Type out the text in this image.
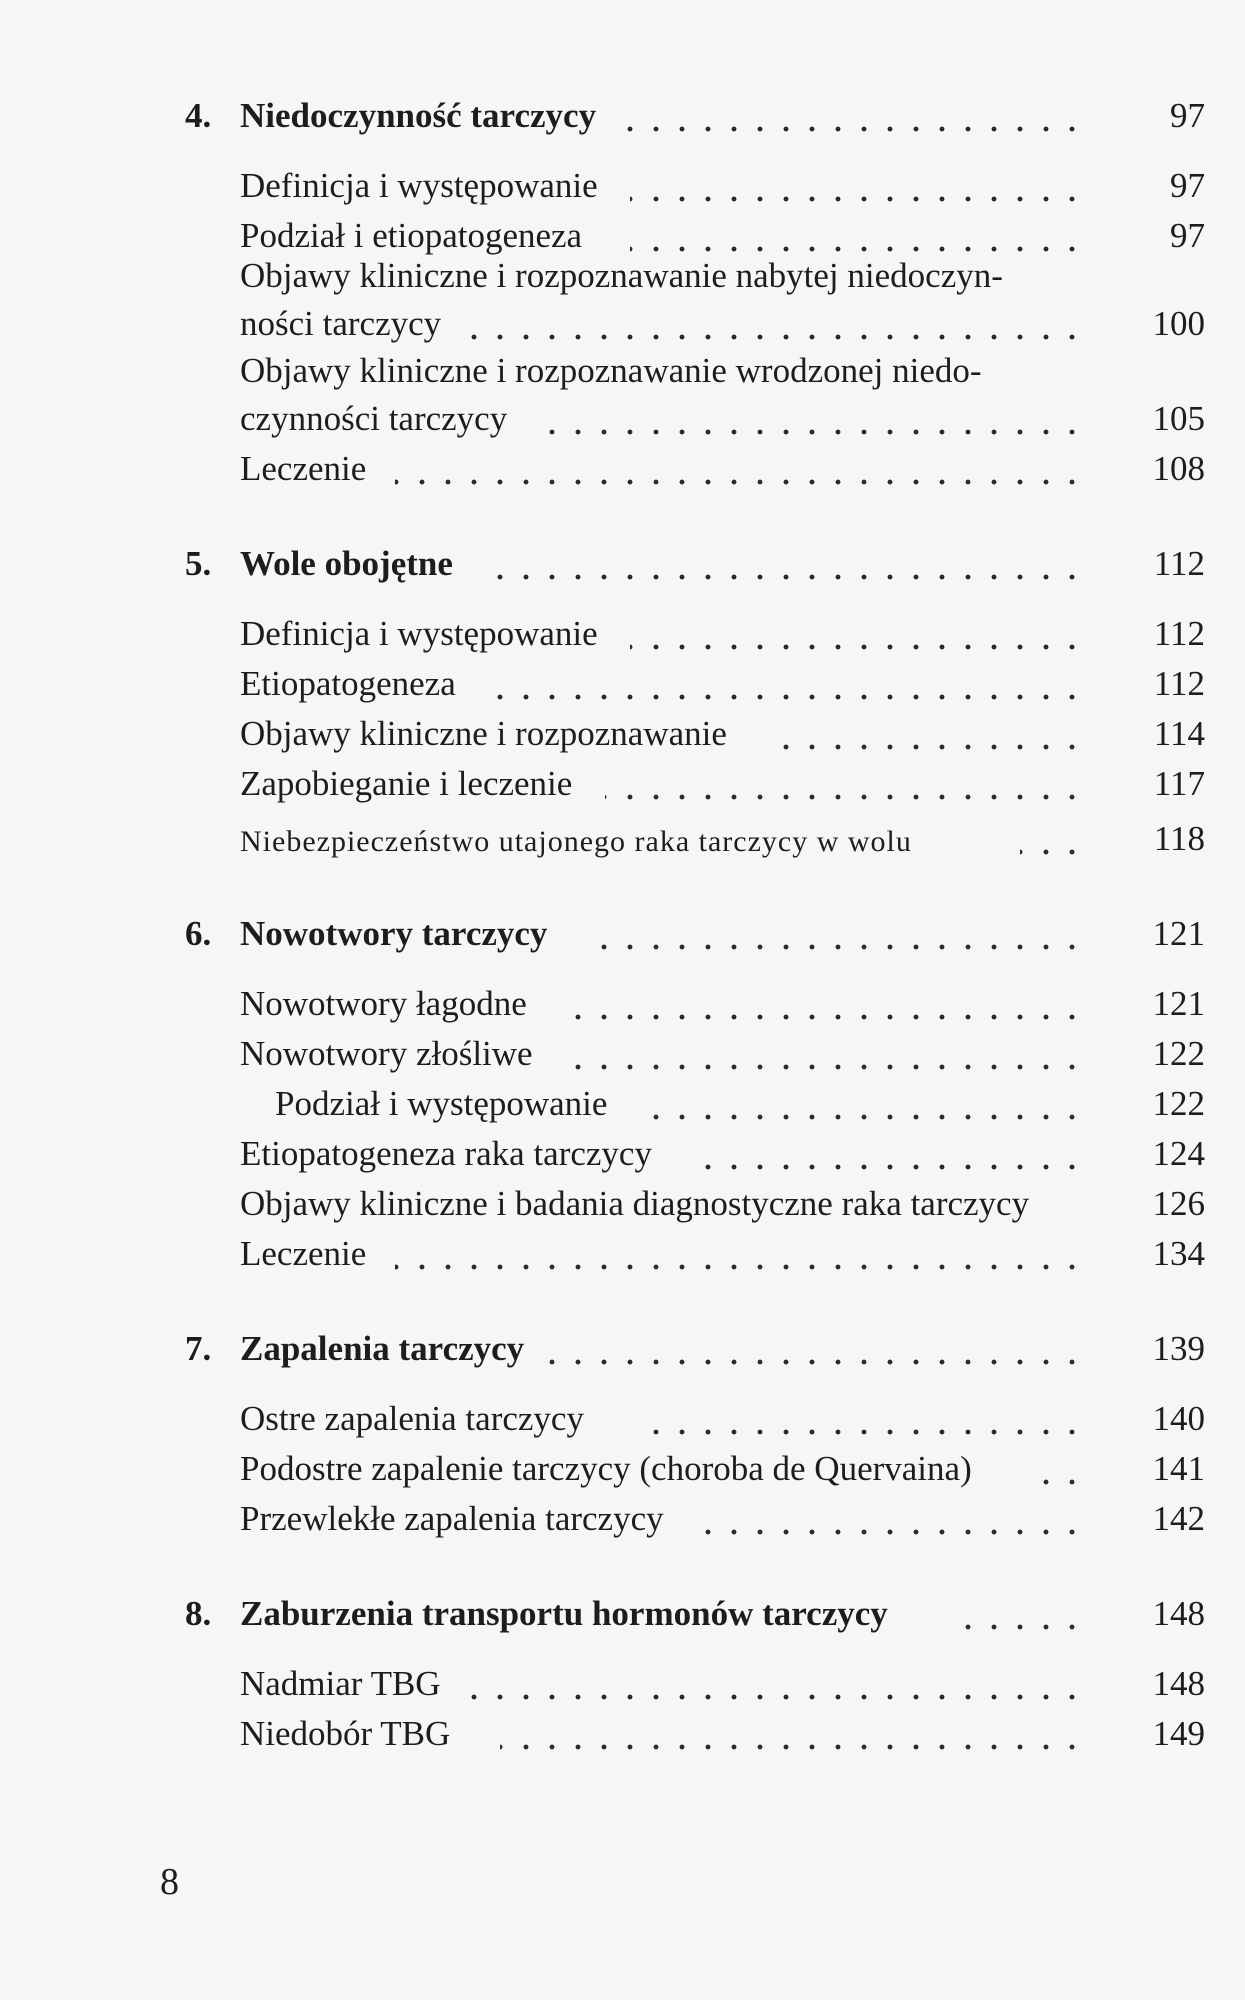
4. Niedoczynność tarczycy	97
Definicja i występowanie	97
Podział i etiopatogeneza	97
Objawy kliniczne i rozpoznawanie nabytej niedoczyn-
ności tarczycy	100
Objawy kliniczne i rozpoznawanie wrodzonej niedo-
czynności tarczycy	105
Leczenie	108
5. Wole obojętne	112
Definicja i występowanie	112
Etiopatogeneza	112
Objawy kliniczne i rozpoznawanie	114
Zapobieganie i leczenie	117
Niebezpieczeństwo utajonego raka tarczycy w wolu	118
6. Nowotwory tarczycy	121
Nowotwory łagodne	121
Nowotwory złośliwe	122
Podział i występowanie	122
Etiopatogeneza raka tarczycy	124
Objawy kliniczne i badania diagnostyczne raka tarczycy	126
Leczenie	134
7. Zapalenia tarczycy	139
Ostre zapalenia tarczycy	140
Podostre zapalenie tarczycy (choroba de Quervaina)	141
Przewlekłe zapalenia tarczycy	142
8. Zaburzenia transportu hormonów tarczycy	148
Nadmiar TBG	148
Niedobór TBG	149
8
